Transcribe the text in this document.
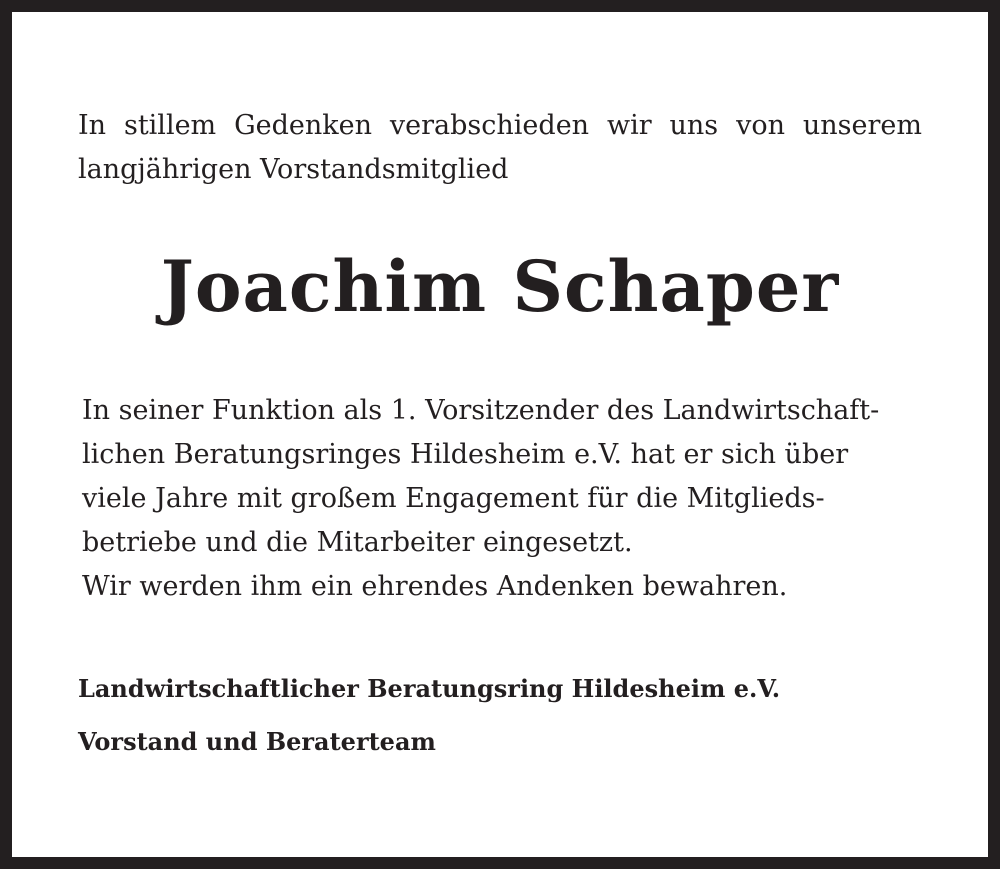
In stillem Gedenken verabschieden wir uns von unserem
langjährigen Vorstandsmitglied
Joachim Schaper
In seiner Funktion als 1. Vorsitzender des Landwirtschaft-
lichen Beratungsringes Hildesheim e.V. hat er sich über
viele Jahre mit großem Engagement für die Mitglieds-
betriebe und die Mitarbeiter eingesetzt.
Wir werden ihm ein ehrendes Andenken bewahren.
Landwirtschaftlicher Beratungsring Hildesheim e.V.
Vorstand und Beraterteam
